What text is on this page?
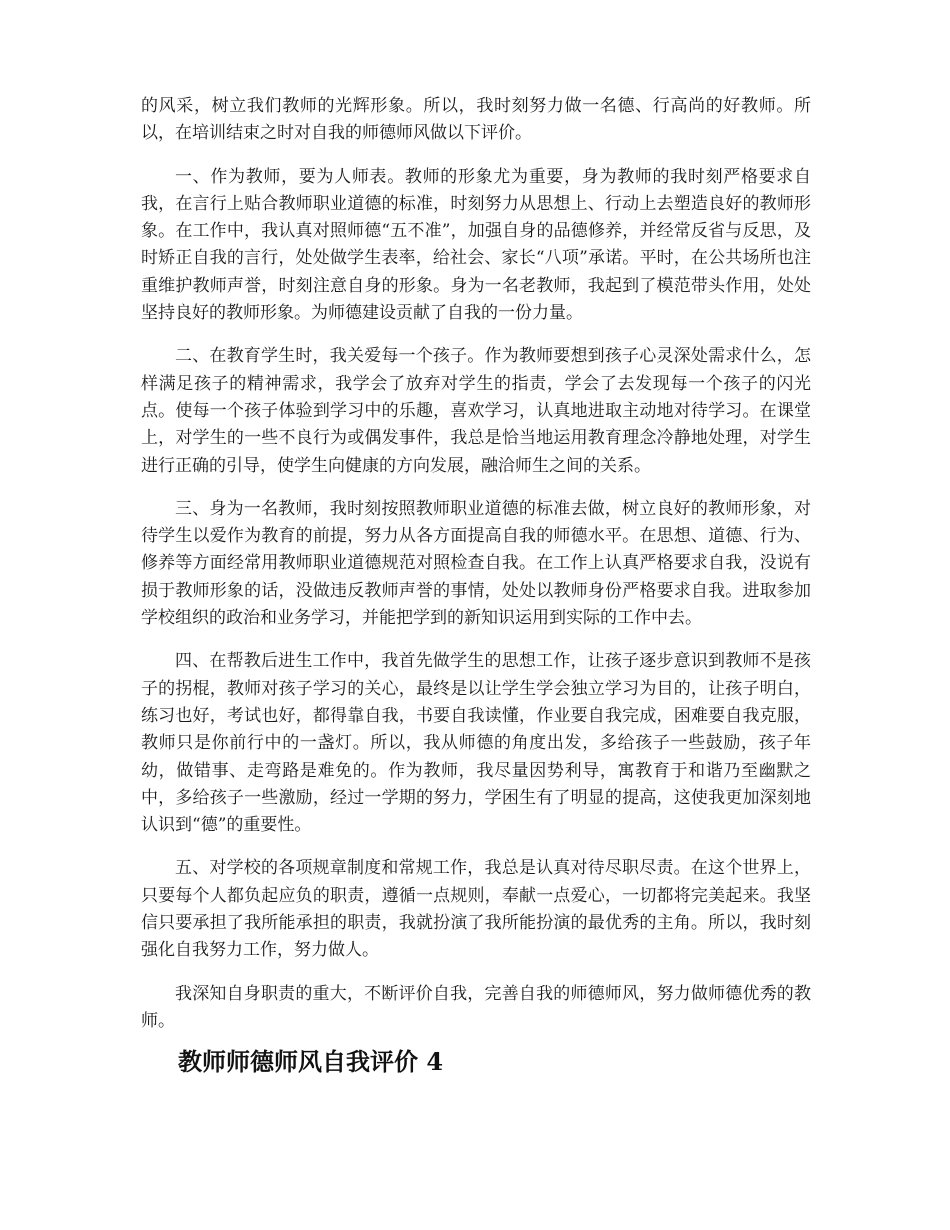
的风采，树立我们教师的光辉形象。所以，我时刻努力做一名德、行高尚的好教师。所以，在培训结束之时对自我的师德师风做以下评价。

一、作为教师，要为人师表。教师的形象尤为重要，身为教师的我时刻严格要求自我，在言行上贴合教师职业道德的标准，时刻努力从思想上、行动上去塑造良好的教师形象。在工作中，我认真对照师德“五不准”，加强自身的品德修养，并经常反省与反思，及时矫正自我的言行，处处做学生表率，给社会、家长“八项”承诺。平时，在公共场所也注重维护教师声誉，时刻注意自身的形象。身为一名老教师，我起到了模范带头作用，处处坚持良好的教师形象。为师德建设贡献了自我的一份力量。

二、在教育学生时，我关爱每一个孩子。作为教师要想到孩子心灵深处需求什么，怎样满足孩子的精神需求，我学会了放弃对学生的指责，学会了去发现每一个孩子的闪光点。使每一个孩子体验到学习中的乐趣，喜欢学习，认真地进取主动地对待学习。在课堂上，对学生的一些不良行为或偶发事件，我总是恰当地运用教育理念冷静地处理，对学生进行正确的引导，使学生向健康的方向发展，融洽师生之间的关系。

三、身为一名教师，我时刻按照教师职业道德的标准去做，树立良好的教师形象，对待学生以爱作为教育的前提，努力从各方面提高自我的师德水平。在思想、道德、行为、修养等方面经常用教师职业道德规范对照检查自我。在工作上认真严格要求自我，没说有损于教师形象的话，没做违反教师声誉的事情，处处以教师身份严格要求自我。进取参加学校组织的政治和业务学习，并能把学到的新知识运用到实际的工作中去。

四、在帮教后进生工作中，我首先做学生的思想工作，让孩子逐步意识到教师不是孩子的拐棍，教师对孩子学习的关心，最终是以让学生学会独立学习为目的，让孩子明白，练习也好，考试也好，都得靠自我，书要自我读懂，作业要自我完成，困难要自我克服，教师只是你前行中的一盏灯。所以，我从师德的角度出发，多给孩子一些鼓励，孩子年幼，做错事、走弯路是难免的。作为教师，我尽量因势利导，寓教育于和谐乃至幽默之中，多给孩子一些激励，经过一学期的努力，学困生有了明显的提高，这使我更加深刻地认识到“德”的重要性。

五、对学校的各项规章制度和常规工作，我总是认真对待尽职尽责。在这个世界上，只要每个人都负起应负的职责，遵循一点规则，奉献一点爱心，一切都将完美起来。我坚信只要承担了我所能承担的职责，我就扮演了我所能扮演的最优秀的主角。所以，我时刻强化自我努力工作，努力做人。

我深知自身职责的重大，不断评价自我，完善自我的师德师风，努力做师德优秀的教师。

教师师德师风自我评价 4
